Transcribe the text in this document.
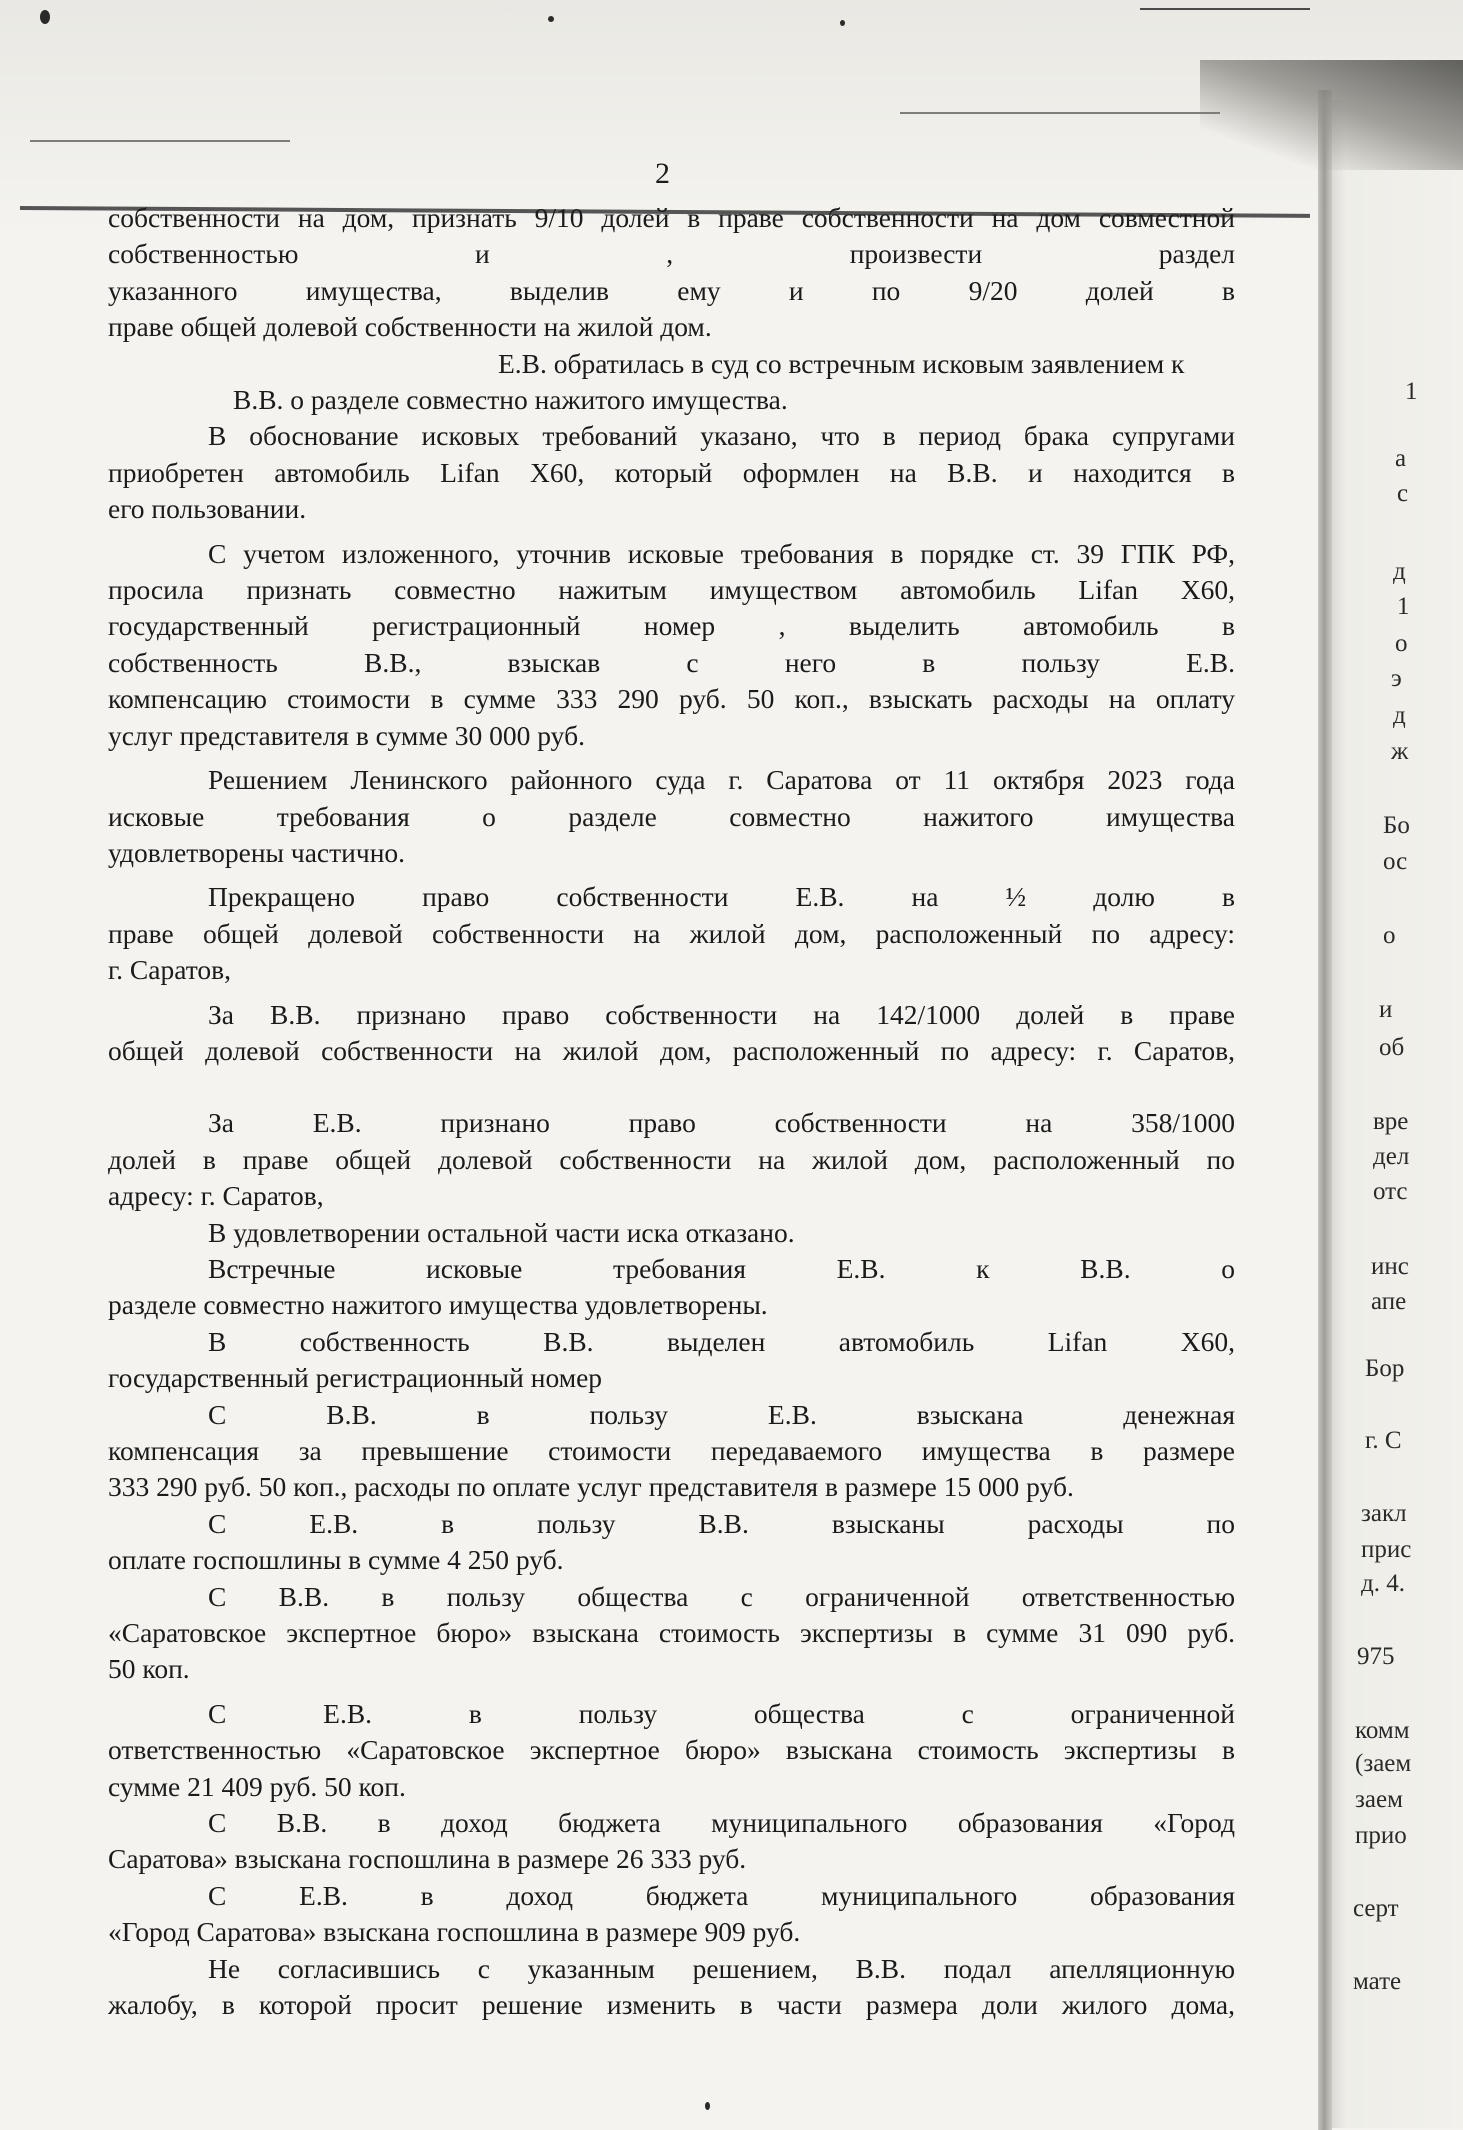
2

собственности на дом, признать 9/10 долей в праве собственности на дом совместной

собственностью и , произвести раздел

указанного имущества, выделив ему и по 9/20 долей в

праве общей долевой собственности на жилой дом.

Е.В. обратилась в суд со встречным исковым заявлением к

В.В. о разделе совместно нажитого имущества.

В обоснование исковых требований указано, что в период брака супругами

приобретен автомобиль Lifan X60, который оформлен на В.В. и находится в

его пользовании.

С учетом изложенного, уточнив исковые требования в порядке ст. 39 ГПК РФ,

просила признать совместно нажитым имуществом автомобиль Lifan X60,

государственный регистрационный номер , выделить автомобиль в

собственность В.В., взыскав с него в пользу Е.В.

компенсацию стоимости в сумме 333 290 руб. 50 коп., взыскать расходы на оплату

услуг представителя в сумме 30 000 руб.

Решением Ленинского районного суда г. Саратова от 11 октября 2023 года

исковые требования о разделе совместно нажитого имущества

удовлетворены частично.

Прекращено право собственности Е.В. на ½ долю в

праве общей долевой собственности на жилой дом, расположенный по адресу:

г. Саратов,

За В.В. признано право собственности на 142/1000 долей в праве

общей долевой собственности на жилой дом, расположенный по адресу: г. Саратов,

За Е.В. признано право собственности на 358/1000

долей в праве общей долевой собственности на жилой дом, расположенный по

адресу: г. Саратов,

В удовлетворении остальной части иска отказано.

Встречные исковые требования Е.В. к В.В. о

разделе совместно нажитого имущества удовлетворены.

В собственность В.В. выделен автомобиль Lifan X60,

государственный регистрационный номер

С В.В. в пользу Е.В. взыскана денежная

компенсация за превышение стоимости передаваемого имущества в размере

333 290 руб. 50 коп., расходы по оплате услуг представителя в размере 15 000 руб.

С Е.В. в пользу В.В. взысканы расходы по

оплате госпошлины в сумме 4 250 руб.

С В.В. в пользу общества с ограниченной ответственностью

«Саратовское экспертное бюро» взыскана стоимость экспертизы в сумме 31 090 руб.

50 коп.

С Е.В. в пользу общества с ограниченной

ответственностью «Саратовское экспертное бюро» взыскана стоимость экспертизы в

сумме 21 409 руб. 50 коп.

С В.В. в доход бюджета муниципального образования «Город

Саратова» взыскана госпошлина в размере 26 333 руб.

С Е.В. в доход бюджета муниципального образования

«Город Саратова» взыскана госпошлина в размере 909 руб.

Не согласившись с указанным решением, В.В. подал апелляционную

жалобу, в которой просит решение изменить в части размера доли жилого дома,

1
а
с
д
1
о
э
д
ж
Бо
ос
о
и
об
вре
дел
отс
инс
апе
Бор
г. С
закл
прис
д. 4.
975
комм
(заем
заем
прио
серт
мате
